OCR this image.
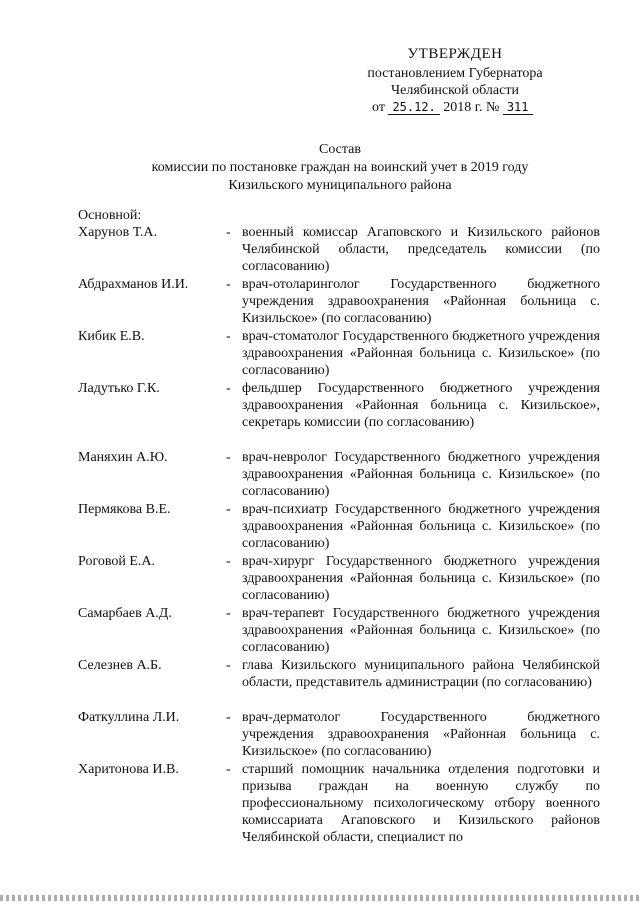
УТВЕРЖДЕН
постановлением Губернатора
Челябинской области
от 25.12. 2018 г. № 311
Состав
комиссии по постановке граждан на воинский учет в 2019 году
Кизильского муниципального района
Основной:
Харунов Т.А.	- военный комиссар Агаповского и Кизильского районов Челябинской области, председатель комиссии (по согласованию)
Абдрахманов И.И.	- врач-отоларинголог Государственного бюджетного учреждения здравоохранения «Районная больница с. Кизильское» (по согласованию)
Кибик Е.В.	- врач-стоматолог Государственного бюджетного учреждения здравоохранения «Районная больница с. Кизильское» (по согласованию)
Ладутько Г.К.	- фельдшер Государственного бюджетного учреждения здравоохранения «Районная больница с. Кизильское», секретарь комиссии (по согласованию)
Маняхин А.Ю.	- врач-невролог Государственного бюджетного учреждения здравоохранения «Районная больница с. Кизильское» (по согласованию)
Пермякова В.Е.	- врач-психиатр Государственного бюджетного учреждения здравоохранения «Районная больница с. Кизильское» (по согласованию)
Роговой Е.А.	- врач-хирург Государственного бюджетного учреждения здравоохранения «Районная больница с. Кизильское» (по согласованию)
Самарбаев А.Д.	- врач-терапевт Государственного бюджетного учреждения здравоохранения «Районная больница с. Кизильское» (по согласованию)
Селезнев А.Б.	- глава Кизильского муниципального района Челябинской области, представитель администрации (по согласованию)
Фаткуллина Л.И.	- врач-дерматолог Государственного бюджетного учреждения здравоохранения «Районная больница с. Кизильское» (по согласованию)
Харитонова И.В.	- старший помощник начальника отделения подготовки и призыва граждан на военную службу по профессиональному психологическому отбору военного комиссариата Агаповского и Кизильского районов Челябинской области, специалист по
